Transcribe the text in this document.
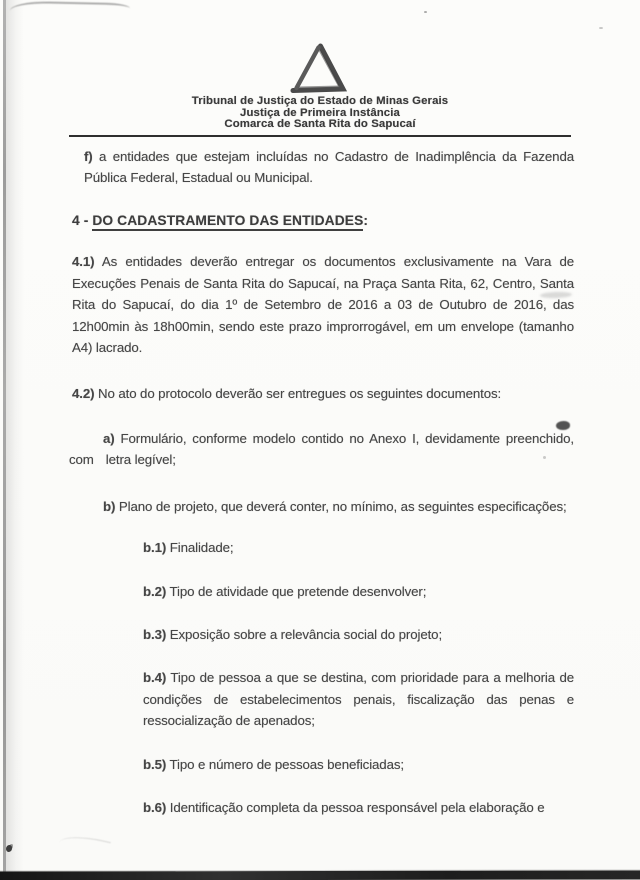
Tribunal de Justiça do Estado de Minas Gerais
Justiça de Primeira Instância
Comarca de Santa Rita do Sapucaí
f) a entidades que estejam incluídas no Cadastro de Inadimplência da Fazenda
Pública Federal, Estadual ou Municipal.
4 - DO CADASTRAMENTO DAS ENTIDADES:
4.1) As entidades deverão entregar os documentos exclusivamente na Vara de
Execuções Penais de Santa Rita do Sapucaí, na Praça Santa Rita, 62, Centro, Santa
Rita do Sapucaí, do dia 1º de Setembro de 2016 a 03 de Outubro de 2016, das
12h00min às 18h00min, sendo este prazo improrrogável, em um envelope (tamanho
A4) lacrado.
4.2) No ato do protocolo deverão ser entregues os seguintes documentos:
a) Formulário, conforme modelo contido no Anexo I, devidamente preenchido,
com letra legível;
b) Plano de projeto, que deverá conter, no mínimo, as seguintes especificações;
b.1) Finalidade;
b.2) Tipo de atividade que pretende desenvolver;
b.3) Exposição sobre a relevância social do projeto;
b.4) Tipo de pessoa a que se destina, com prioridade para a melhoria de
condições de estabelecimentos penais, fiscalização das penas e
ressocialização de apenados;
b.5) Tipo e número de pessoas beneficiadas;
b.6) Identificação completa da pessoa responsável pela elaboração e
